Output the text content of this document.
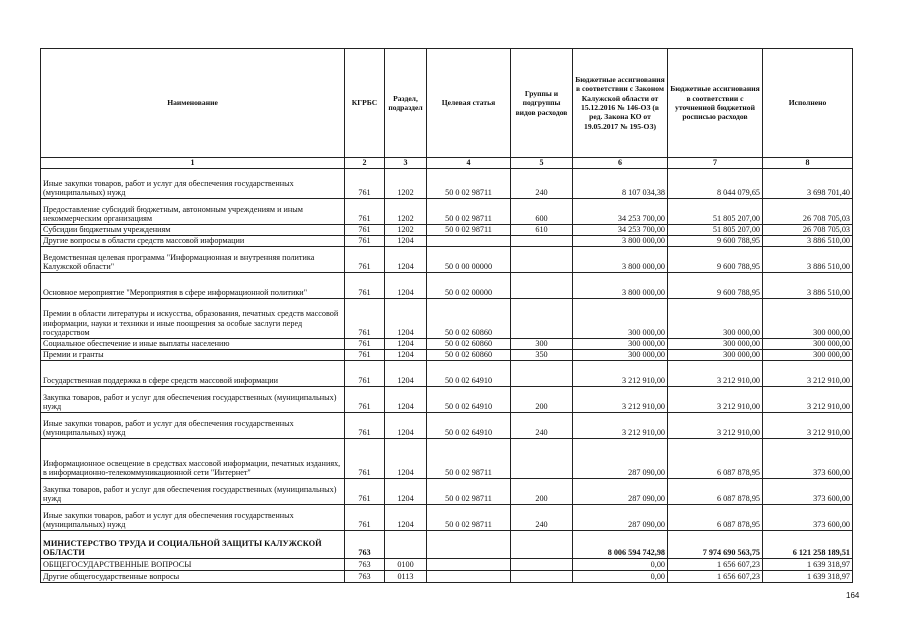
Наименование	КГРБС	Раздел, подраздел	Целевая статья	Группы и подгруппы видов расходов	Бюджетные ассигнования в соответствии с Законом Калужской области от 15.12.2016 № 146-ОЗ (в ред. Закона КО от 19.05.2017 № 195-ОЗ)	Бюджетные ассигнования в соответствии с уточненной бюджетной росписью расходов	Исполнено
1	2	3	4	5	6	7	8
Иные закупки товаров, работ и услуг для обеспечения государственных (муниципальных) нужд	761	1202	50 0 02 98711	240	8 107 034,38	8 044 079,65	3 698 701,40
Предоставление субсидий бюджетным, автономным учреждениям и иным некоммерческим организациям	761	1202	50 0 02 98711	600	34 253 700,00	51 805 207,00	26 708 705,03
Субсидии бюджетным учреждениям	761	1202	50 0 02 98711	610	34 253 700,00	51 805 207,00	26 708 705,03
Другие вопросы в области средств массовой информации	761	1204			3 800 000,00	9 600 788,95	3 886 510,00
Ведомственная целевая программа "Информационная и внутренняя политика Калужской области"	761	1204	50 0 00 00000		3 800 000,00	9 600 788,95	3 886 510,00
Основное мероприятие "Мероприятия в сфере информационной политики"	761	1204	50 0 02 00000		3 800 000,00	9 600 788,95	3 886 510,00
Премии в области литературы и искусства, образования, печатных средств массовой информации, науки и техники и иные поощрения за особые заслуги перед государством	761	1204	50 0 02 60860		300 000,00	300 000,00	300 000,00
Социальное обеспечение и иные выплаты населению	761	1204	50 0 02 60860	300	300 000,00	300 000,00	300 000,00
Премии и гранты	761	1204	50 0 02 60860	350	300 000,00	300 000,00	300 000,00
Государственная поддержка в сфере средств массовой информации	761	1204	50 0 02 64910		3 212 910,00	3 212 910,00	3 212 910,00
Закупка товаров, работ и услуг для обеспечения государственных (муниципальных) нужд	761	1204	50 0 02 64910	200	3 212 910,00	3 212 910,00	3 212 910,00
Иные закупки товаров, работ и услуг для обеспечения государственных (муниципальных) нужд	761	1204	50 0 02 64910	240	3 212 910,00	3 212 910,00	3 212 910,00
Информационное освещение в средствах массовой информации, печатных изданиях, в информационно-телекоммуникационной сети "Интернет"	761	1204	50 0 02 98711		287 090,00	6 087 878,95	373 600,00
Закупка товаров, работ и услуг для обеспечения государственных (муниципальных) нужд	761	1204	50 0 02 98711	200	287 090,00	6 087 878,95	373 600,00
Иные закупки товаров, работ и услуг для обеспечения государственных (муниципальных) нужд	761	1204	50 0 02 98711	240	287 090,00	6 087 878,95	373 600,00
МИНИСТЕРСТВО ТРУДА И СОЦИАЛЬНОЙ ЗАЩИТЫ КАЛУЖСКОЙ ОБЛАСТИ	763				8 006 594 742,98	7 974 690 563,75	6 121 258 189,51
ОБЩЕГОСУДАРСТВЕННЫЕ ВОПРОСЫ	763	0100			0,00	1 656 607,23	1 639 318,97
Другие общегосударственные вопросы	763	0113			0,00	1 656 607,23	1 639 318,97
164
